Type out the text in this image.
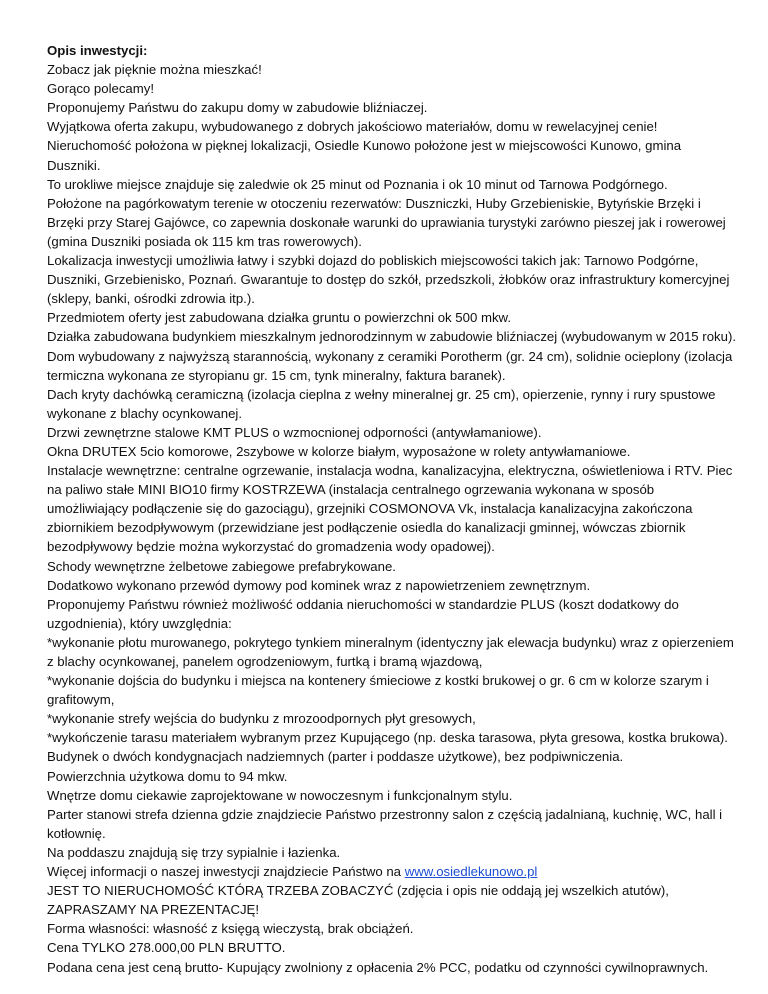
Opis inwestycji:

Zobacz jak pięknie można mieszkać!

Gorąco polecamy!

Proponujemy Państwu do zakupu domy w zabudowie bliźniaczej.

Wyjątkowa oferta zakupu, wybudowanego z dobrych jakościowo materiałów, domu w rewelacyjnej cenie!

Nieruchomość położona w pięknej lokalizacji, Osiedle Kunowo położone jest w miejscowości Kunowo, gmina Duszniki.

To urokliwe miejsce znajduje się zaledwie ok 25 minut od Poznania i ok 10 minut od Tarnowa Podgórnego.

Położone na pagórkowatym terenie w otoczeniu rezerwatów: Duszniczki, Huby Grzebieniskie, Bytyńskie Brzęki i Brzęki przy Starej Gajówce, co zapewnia doskonałe warunki do uprawiania turystyki zarówno pieszej jak i rowerowej (gmina Duszniki posiada ok 115 km tras rowerowych).

Lokalizacja inwestycji umożliwia łatwy i szybki dojazd do pobliskich miejscowości takich jak: Tarnowo Podgórne, Duszniki, Grzebienisko, Poznań. Gwarantuje to dostęp do szkół, przedszkoli, żłobków oraz infrastruktury komercyjnej (sklepy, banki, ośrodki zdrowia itp.).

Przedmiotem oferty jest zabudowana działka gruntu o powierzchni ok 500 mkw.

Działka zabudowana budynkiem mieszkalnym jednorodzinnym w zabudowie bliźniaczej (wybudowanym w 2015 roku).

Dom wybudowany z najwyższą starannością, wykonany z ceramiki Porotherm (gr. 24 cm), solidnie ocieplony (izolacja termiczna wykonana ze styropianu gr. 15 cm, tynk mineralny, faktura baranek).

Dach kryty dachówką ceramiczną (izolacja cieplna z wełny mineralnej gr. 25 cm), opierzenie, rynny i rury spustowe wykonane z blachy ocynkowanej.

Drzwi zewnętrzne stalowe KMT PLUS o wzmocnionej odporności (antywłamaniowe).

Okna DRUTEX 5cio komorowe, 2szybowe w kolorze białym, wyposażone w rolety antywłamaniowe.

Instalacje wewnętrzne: centralne ogrzewanie, instalacja wodna, kanalizacyjna, elektryczna, oświetleniowa i RTV. Piec na paliwo stałe MINI BIO10 firmy KOSTRZEWA (instalacja centralnego ogrzewania wykonana w sposób umożliwiający podłączenie się do gazociągu), grzejniki COSMONOVA Vk, instalacja kanalizacyjna zakończona zbiornikiem bezodpływowym (przewidziane jest podłączenie osiedla do kanalizacji gminnej, wówczas zbiornik bezodpływowy będzie można wykorzystać do gromadzenia wody opadowej).

Schody wewnętrzne żelbetowe zabiegowe prefabrykowane.

Dodatkowo wykonano przewód dymowy pod kominek wraz z napowietrzeniem zewnętrznym.

Proponujemy Państwu również możliwość oddania nieruchomości w standardzie PLUS (koszt dodatkowy do uzgodnienia), który uwzględnia:

*wykonanie płotu murowanego, pokrytego tynkiem mineralnym (identyczny jak elewacja budynku) wraz z opierzeniem z blachy ocynkowanej, panelem ogrodzeniowym, furtką i bramą wjazdową,

*wykonanie dojścia do budynku i miejsca na kontenery śmieciowe z kostki brukowej o gr. 6 cm w kolorze szarym i grafitowym,

*wykonanie strefy wejścia do budynku z mrozoodpornych płyt gresowych,

*wykończenie tarasu materiałem wybranym przez Kupującego (np. deska tarasowa, płyta gresowa, kostka brukowa).

Budynek o dwóch kondygnacjach nadziemnych (parter i poddasze użytkowe), bez podpiwniczenia.

Powierzchnia użytkowa domu to 94 mkw.

Wnętrze domu ciekawie zaprojektowane w nowoczesnym i funkcjonalnym stylu.

Parter stanowi strefa dzienna gdzie znajdziecie Państwo przestronny salon z częścią jadalnianą, kuchnię, WC, hall i kotłownię.

Na poddaszu znajdują się trzy sypialnie i łazienka.

Więcej informacji o naszej inwestycji znajdziecie Państwo na www.osiedlekunowo.pl

JEST TO NIERUCHOMOŚĆ KTÓRĄ TRZEBA ZOBACZYĆ (zdjęcia i opis nie oddają jej wszelkich atutów), ZAPRASZAMY NA PREZENTACJĘ!

Forma własności: własność z księgą wieczystą, brak obciążeń.

Cena TYLKO 278.000,00 PLN BRUTTO.

Podana cena jest ceną brutto- Kupujący zwolniony z opłacenia 2% PCC, podatku od czynności cywilnoprawnych.
